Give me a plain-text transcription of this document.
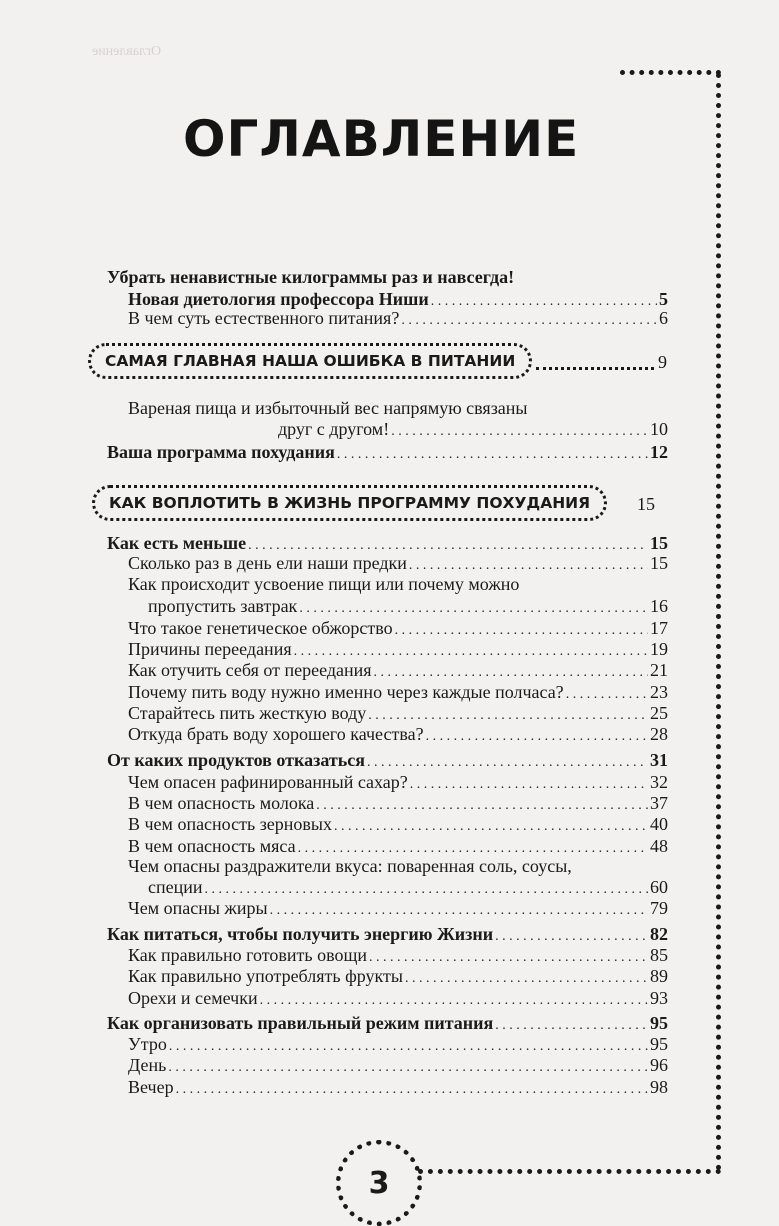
Оглавление
ОГЛАВЛЕНИЕ
Убрать ненавистные килограммы раз и навсегда!
Новая диетология профессора Ниши . . .	5
В чем суть естественного питания? . . .	6
САМАЯ ГЛАВНАЯ НАША ОШИБКА В ПИТАНИИ	9
Вареная пища и избыточный вес напрямую связаны
друг с другом! . . .	10
Ваша программа похудания . . .	12
КАК ВОПЛОТИТЬ В ЖИЗНЬ ПРОГРАММУ ПОХУДАНИЯ	15
Как есть меньше . . .	15
Сколько раз в день ели наши предки . . .	15
Как происходит усвоение пищи или почему можно
пропустить завтрак . . .	16
Что такое генетическое обжорство . . .	17
Причины переедания . . .	19
Как отучить себя от переедания . . .	21
Почему пить воду нужно именно через каждые полчаса? . . .	23
Старайтесь пить жесткую воду . . .	25
Откуда брать воду хорошего качества? . . .	28
От каких продуктов отказаться . . .	31
Чем опасен рафинированный сахар? . . .	32
В чем опасность молока . . .	37
В чем опасность зерновых . . .	40
В чем опасность мяса . . .	48
Чем опасны раздражители вкуса: поваренная соль, соусы,
специи . . .	60
Чем опасны жиры . . .	79
Как питаться, чтобы получить энергию Жизни . . .	82
Как правильно готовить овощи . . .	85
Как правильно употреблять фрукты . . .	89
Орехи и семечки . . .	93
Как организовать правильный режим питания . . .	95
Утро . . .	95
День . . .	96
Вечер . . .	98
3
